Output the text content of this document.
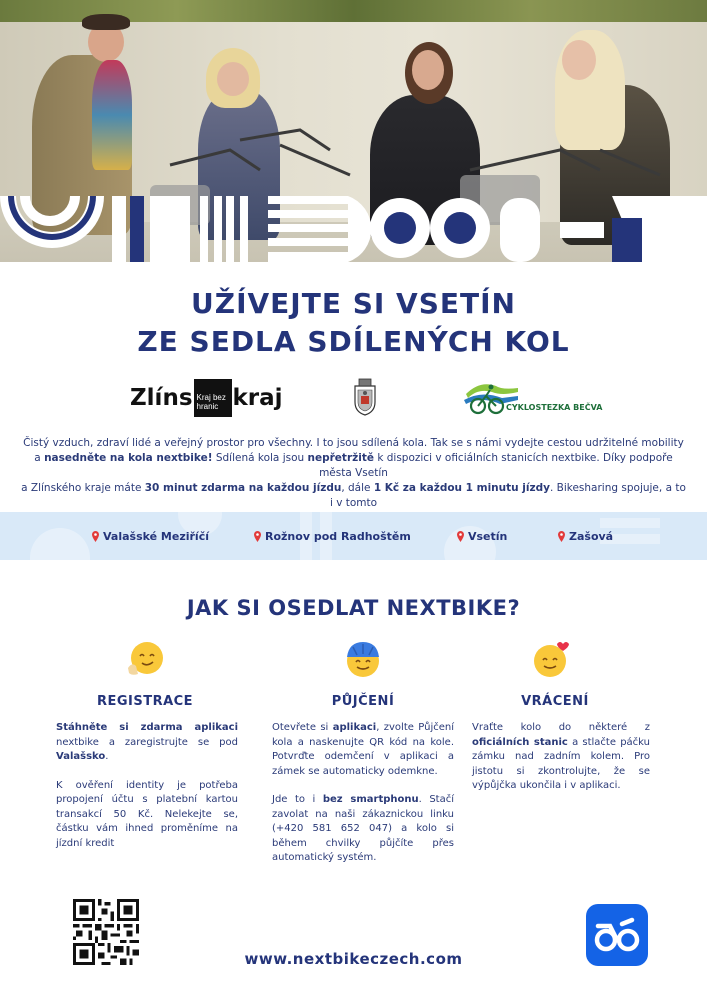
UŽÍVEJTE SI VSETÍN
ZE SEDLA SDÍLENÝCH KOL
Zlíns Kraj bez hranic kraj	CYKLOSTEZKA BEČVA
Čistý vzduch, zdraví lidé a veřejný prostor pro všechny. I to jsou sdílená kola. Tak se s námi vydejte cestou udržitelné mobility
a nasedněte na kola nextbike! Sdílená kola jsou nepřetržitě k dispozici v oficiálních stanicích nextbike. Díky podpoře města Vsetín
a Zlínského kraje máte 30 minut zdarma na každou jízdu, dále 1 Kč za každou 1 minutu jízdy. Bikesharing spojuje, a to i v tomto

Valašské Meziříčí	Rožnov pod Radhoštěm	Vsetín	Zašová
JAK SI OSEDLAT NEXTBIKE?
REGISTRACE	PŮJČENÍ	VRÁCENÍ

Stáhněte si zdarma aplikaci nextbike a zaregistrujte se pod Valašsko.

K ověření identity je potřeba propojení účtu s platební kartou transakcí 50 Kč. Nelekejte se, částku vám ihned proměníme na jízdní kredit

Otevřete si aplikaci, zvolte Půjčení kola a naskenujte QR kód na kole. Potvrďte odemčení v aplikaci a zámek se automaticky odemkne.

Jde to i bez smartphonu. Stačí zavolat na naši zákaznickou linku (+420 581 652 047) a kolo si během chvilky půjčíte přes automatický systém.

Vraťte kolo do některé z oficiálních stanic a stlačte páčku zámku nad zadním kolem. Pro jistotu si zkontrolujte, že se výpůjčka ukončila i v aplikaci.

www.nextbikeczech.com
